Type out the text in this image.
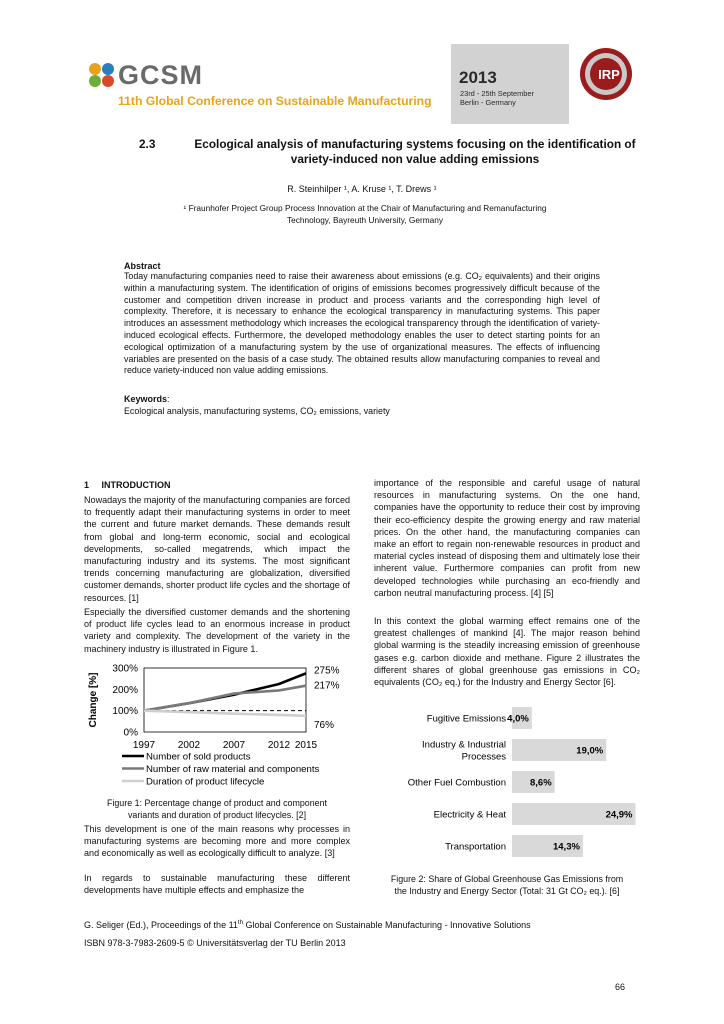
GCSM
11th Global Conference on Sustainable Manufacturing
2013
23rd - 25th September
Berlin - Germany
IRP
2.3	Ecological analysis of manufacturing systems focusing on the identification of
variety-induced non value adding emissions
R. Steinhilper ¹, A. Kruse ¹, T. Drews ¹
¹ Fraunhofer Project Group Process Innovation at the Chair of Manufacturing and Remanufacturing
Technology, Bayreuth University, Germany
Abstract
Today manufacturing companies need to raise their awareness about emissions (e.g. CO₂ equivalents) and their origins within a manufacturing system. The identification of origins of emissions becomes progressively difficult because of the customer and competition driven increase in product and process variants and the corresponding high level of complexity. Therefore, it is necessary to enhance the ecological transparency in manufacturing systems. This paper introduces an assessment methodology which increases the ecological transparency through the identification of variety-induced ecological effects. Furthermore, the developed methodology enables the user to detect starting points for an ecological optimization of a manufacturing system by the use of organizational measures. The effects of influencing variables are presented on the basis of a case study. The obtained results allow manufacturing companies to reveal and reduce variety-induced non value adding emissions.
Keywords:
Ecological analysis, manufacturing systems, CO₂ emissions, variety
1     INTRODUCTION
Nowadays the majority of the manufacturing companies are forced to frequently adapt their manufacturing systems in order to meet the current and future market demands. These demands result from global and long-term economic, social and ecological developments, so-called megatrends, which impact the manufacturing industry and its systems. The most significant trends concerning manufacturing are globalization, diversified customer demands, shorter product life cycles and the shortage of resources. [1]
Especially the diversified customer demands and the shortening of product life cycles lead to an enormous increase in product variety and complexity. The development of the variety in the machinery industry is illustrated in Figure 1.
0%
100%
200%
300%
1997 2002 2007 2012 2015
Change [%]
275%
Number of sold products
217%
Number of raw material and components
76%
Duration of product lifecycle
Figure 1: Percentage change of product and component
variants and duration of product lifecycles. [2]
This development is one of the main reasons why processes in manufacturing systems are becoming more and more complex and economically as well as ecologically difficult to analyze. [3]
In regards to sustainable manufacturing these different developments have multiple effects and emphasize the
importance of the responsible and careful usage of natural resources in manufacturing systems. On the one hand, companies have the opportunity to reduce their cost by improving their eco-efficiency despite the growing energy and raw material prices. On the other hand, the manufacturing companies can make an effort to regain non-renewable resources in product and material cycles instead of disposing them and ultimately lose their inherent value. Furthermore companies can profit from new developed technologies while purchasing an eco-friendly and carbon neutral manufacturing process. [4] [5]
In this context the global warming effect remains one of the greatest challenges of mankind [4]. The major reason behind global warming is the steadily increasing emission of greenhouse gases e.g. carbon dioxide and methane. Figure 2 illustrates the different shares of global greenhouse gas emissions in CO₂ equivalents (CO₂ eq.) for the Industry and Energy Sector [6].
Fugitive Emissions 4,0%
Industry & Industrial
Processes
19,0%
Other Fuel Combustion	8,6%
Electricity & Heat	24,9%
Transportation	14,3%
Figure 2: Share of Global Greenhouse Gas Emissions from
the Industry and Energy Sector (Total: 31 Gt CO₂ eq.). [6]
G. Seliger (Ed.), Proceedings of the 11th Global Conference on Sustainable Manufacturing - Innovative Solutions
ISBN 978-3-7983-2609-5 © Universitätsverlag der TU Berlin 2013
66
